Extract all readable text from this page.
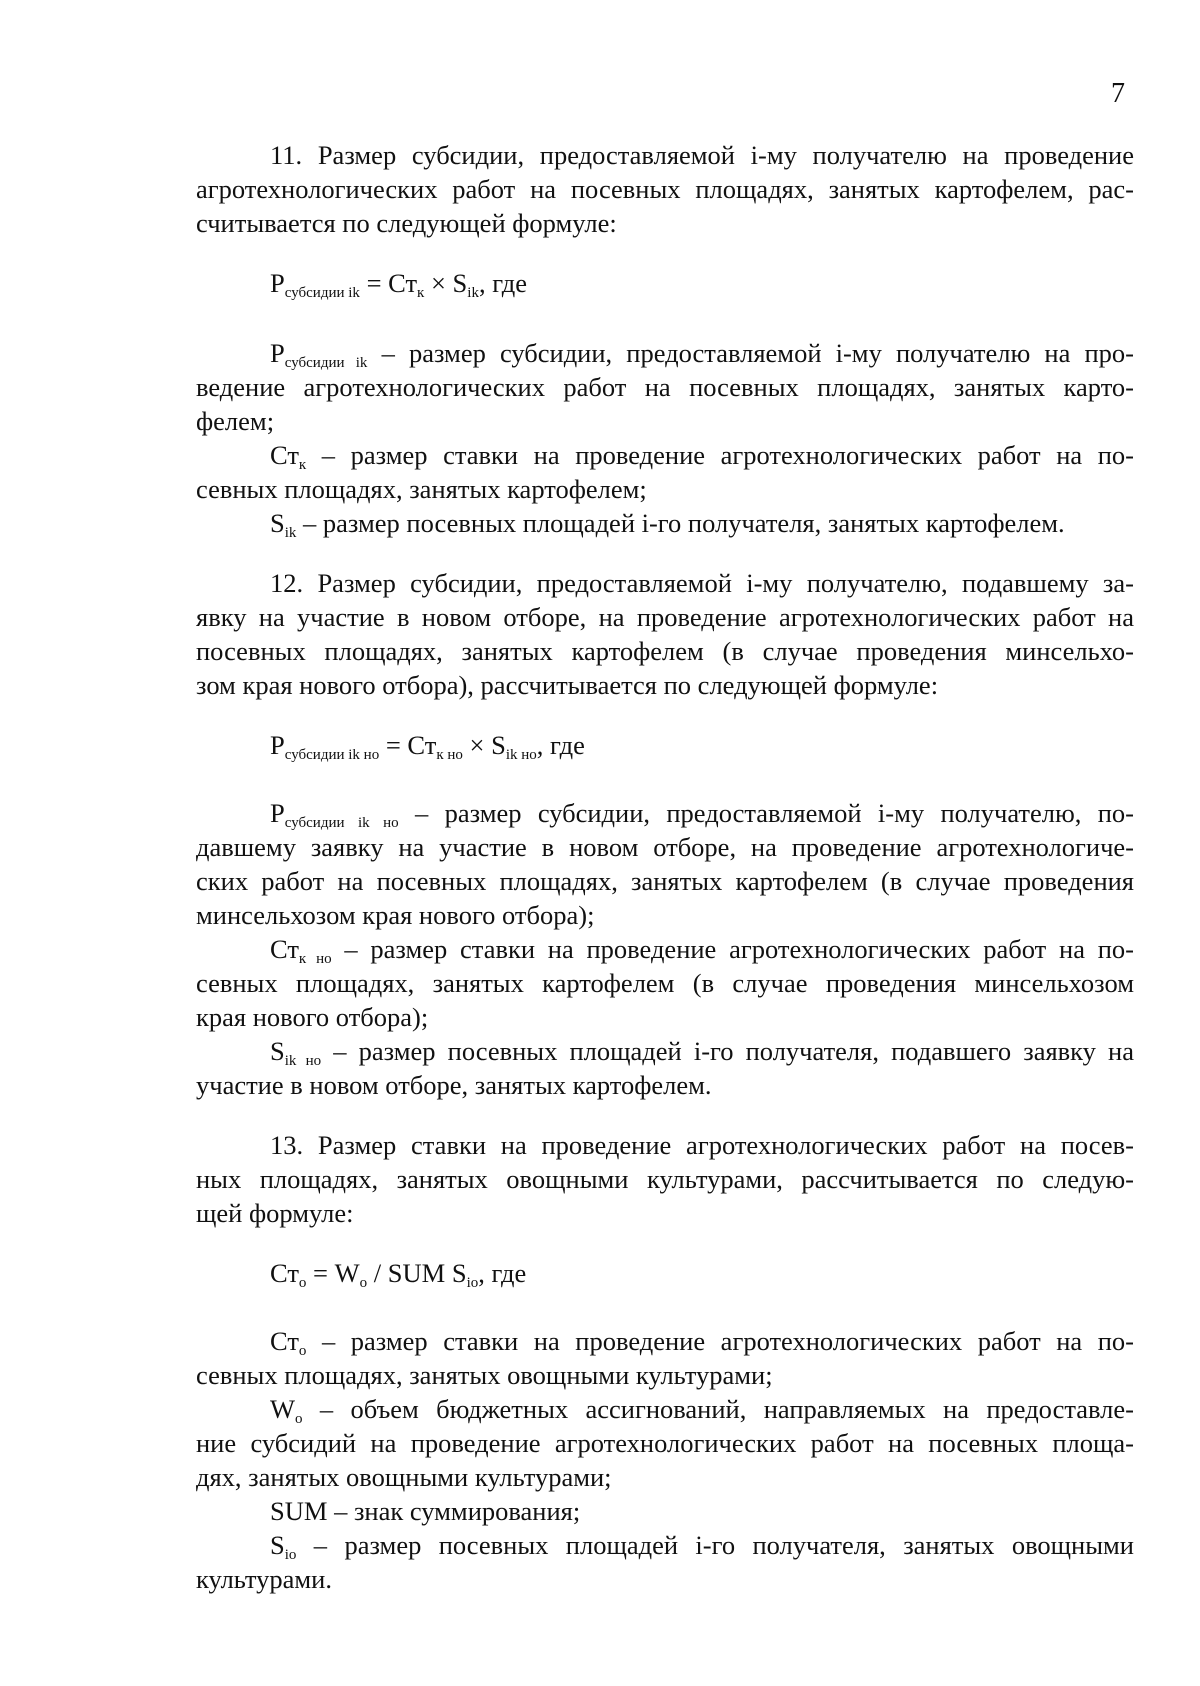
7
11. Размер субсидии, предоставляемой i-му получателю на проведение
агротехнологических работ на посевных площадях, занятых картофелем, рас-
считывается по следующей формуле:
Pсубсидии ik = Стк × Sik, где
Pсубсидии ik – размер субсидии, предоставляемой i-му получателю на про-
ведение агротехнологических работ на посевных площадях, занятых карто-
фелем;
Стк – размер ставки на проведение агротехнологических работ на по-
севных площадях, занятых картофелем;
Sik – размер посевных площадей i-го получателя, занятых картофелем.
12. Размер субсидии, предоставляемой i-му получателю, подавшему за-
явку на участие в новом отборе, на проведение агротехнологических работ на
посевных площадях, занятых картофелем (в случае проведения минсельхо-
зом края нового отбора), рассчитывается по следующей формуле:
Pсубсидии ik но = Стк но × Sik но, где
Pсубсидии ik но – размер субсидии, предоставляемой i-му получателю, по-
давшему заявку на участие в новом отборе, на проведение агротехнологиче-
ских работ на посевных площадях, занятых картофелем (в случае проведения
минсельхозом края нового отбора);
Стк но – размер ставки на проведение агротехнологических работ на по-
севных площадях, занятых картофелем (в случае проведения минсельхозом
края нового отбора);
Sik но – размер посевных площадей i-го получателя, подавшего заявку на
участие в новом отборе, занятых картофелем.
13. Размер ставки на проведение агротехнологических работ на посев-
ных площадях, занятых овощными культурами, рассчитывается по следую-
щей формуле:
Сто = Wо / SUM Sio, где
Сто – размер ставки на проведение агротехнологических работ на по-
севных площадях, занятых овощными культурами;
Wо – объем бюджетных ассигнований, направляемых на предоставле-
ние субсидий на проведение агротехнологических работ на посевных площа-
дях, занятых овощными культурами;
SUM – знак суммирования;
Sio – размер посевных площадей i-го получателя, занятых овощными
культурами.
